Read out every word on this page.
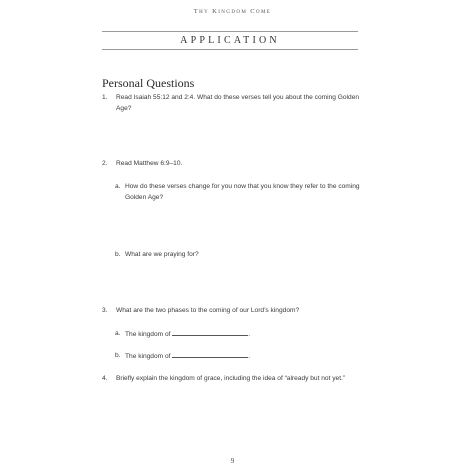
Thy Kingdom Come
APPLICATION
Personal Questions
1. Read Isaiah 55:12 and 2:4. What do these verses tell you about the coming Golden Age?
2. Read Matthew 6:9–10.
a. How do these verses change for you now that you know they refer to the coming Golden Age?
b. What are we praying for?
3. What are the two phases to the coming of our Lord’s kingdom?
a. The kingdom of	.
b. The kingdom of	.
4. Briefly explain the kingdom of grace, including the idea of “already but not yet.”
9
